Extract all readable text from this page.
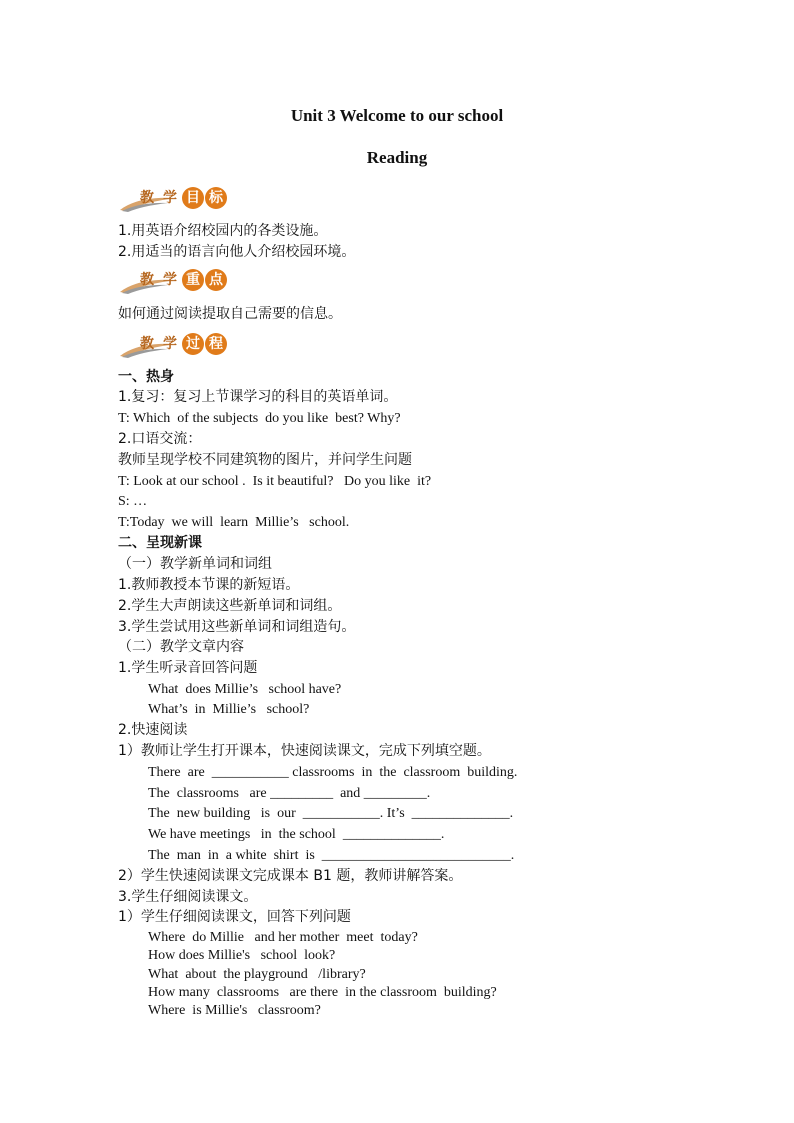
Unit 3 Welcome to our school
Reading
教 学 目 标
1.用英语介绍校园内的各类设施。
2.用适当的语言向他人介绍校园环境。
教 学 重 点
如何通过阅读提取自己需要的信息。
教 学 过 程
一、热身
1.复习：复习上节课学习的科目的英语单词。
T: Which  of the subjects  do you like  best? Why?
2.口语交流：
教师呈现学校不同建筑物的图片，并问学生问题
T: Look at our school .  Is it beautiful?   Do you like  it?
S: …
T:Today  we will  learn  Millie’s   school.
二、呈现新课
（一）教学新单词和词组
1.教师教授本节课的新短语。
2.学生大声朗读这些新单词和词组。
3.学生尝试用这些新单词和词组造句。
（二）教学文章内容
1.学生听录音回答问题
What  does Millie’s   school have?
What’s  in  Millie’s   school?
2.快速阅读
1）教师让学生打开课本，快速阅读课文，完成下列填空题。
There  are  ___________ classrooms  in  the  classroom  building.
The  classrooms   are _________  and _________.
The  new building   is  our  ___________. It’s  ______________.
We have meetings   in  the school  ______________.
The  man  in  a white  shirt  is  ___________________________.
2）学生快速阅读课文完成课本 B1 题，教师讲解答案。
3.学生仔细阅读课文。
1）学生仔细阅读课文，回答下列问题
Where  do Millie   and her mother  meet  today?
How does Millie's   school  look?
What  about  the playground   /library?
How many  classrooms   are there  in the classroom  building?
Where  is Millie's   classroom?
